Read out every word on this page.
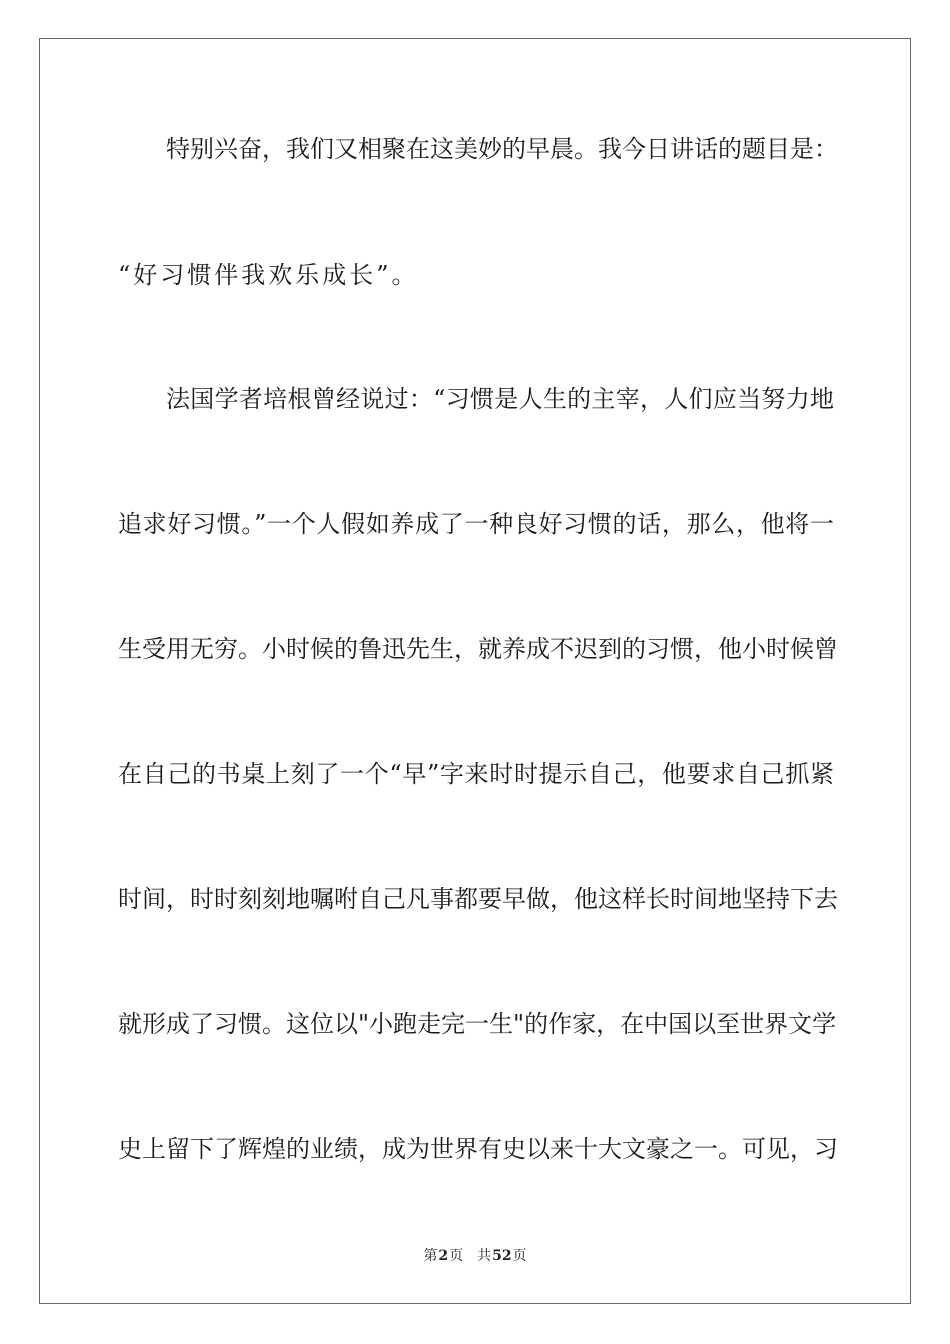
特别兴奋，我们又相聚在这美妙的早晨。我今日讲话的题目是：
“好习惯伴我欢乐成长”。
法国学者培根曾经说过：“习惯是人生的主宰，人们应当努力地
追求好习惯。”一个人假如养成了一种良好习惯的话，那么，他将一
生受用无穷。小时候的鲁迅先生，就养成不迟到的习惯，他小时候曾
在自己的书桌上刻了一个“早”字来时时提示自己，他要求自己抓紧
时间，时时刻刻地嘱咐自己凡事都要早做，他这样长时间地坚持下去
就形成了习惯。这位以"小跑走完一生"的作家，在中国以至世界文学
史上留下了辉煌的业绩，成为世界有史以来十大文豪之一。可见，习
第2页 共52页
